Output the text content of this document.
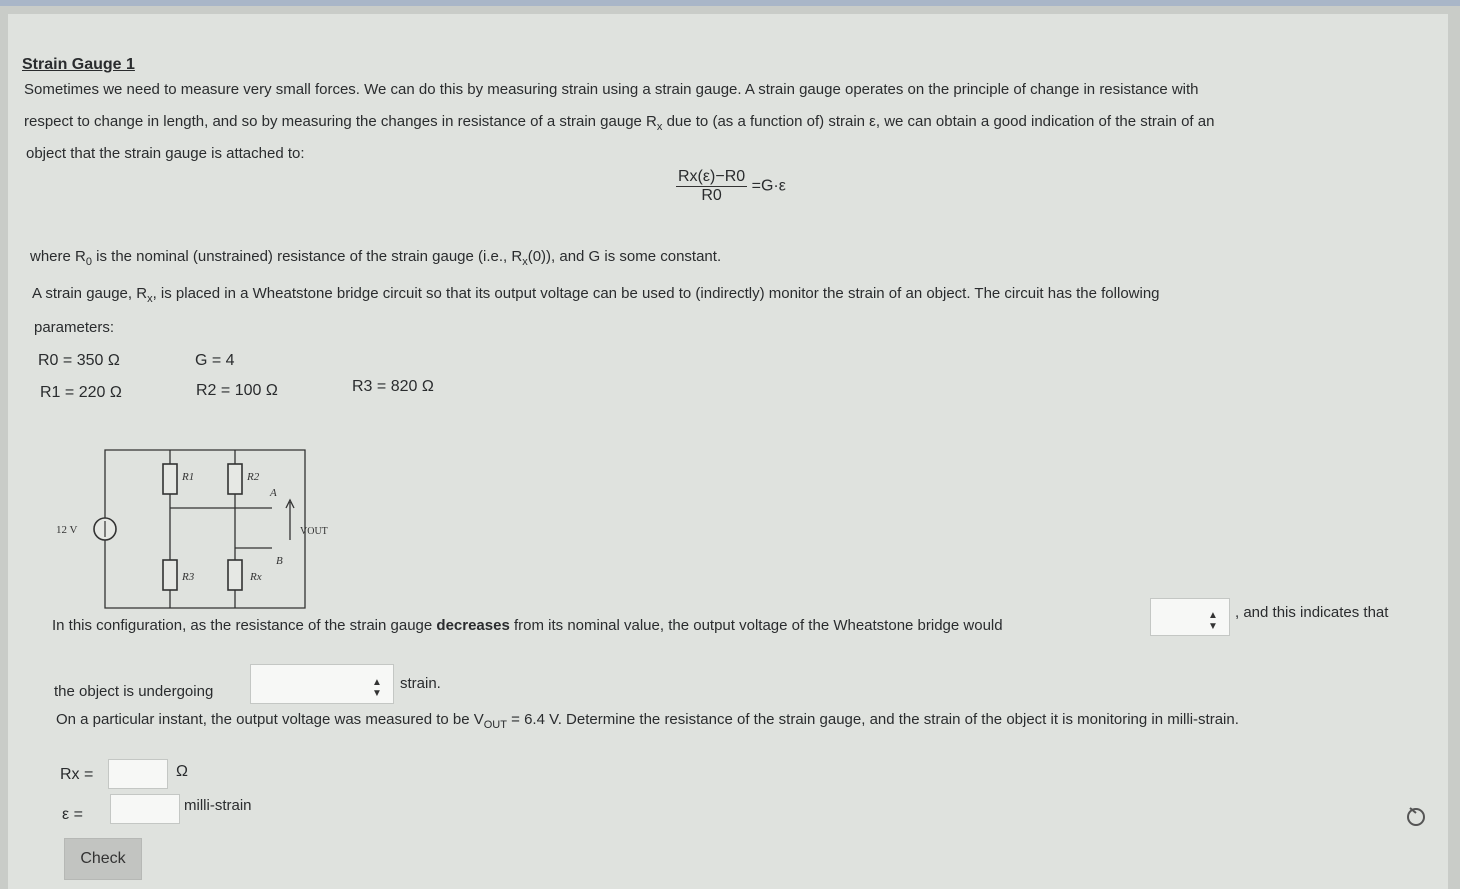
Strain Gauge 1
Sometimes we need to measure very small forces. We can do this by measuring strain using a strain gauge. A strain gauge operates on the principle of change in resistance with
respect to change in length, and so by measuring the changes in resistance of a strain gauge $R_x$ due to (as a function of) strain ε, we can obtain a good indication of the strain of an
object that the strain gauge is attached to:
$\frac{Rx(\varepsilon)-R0}{R0} =G\cdot\varepsilon$
where $R_0$ is the nominal (unstrained) resistance of the strain gauge (i.e., $R_x(0)$), and G is some constant.
A strain gauge, $R_x$, is placed in a Wheatstone bridge circuit so that its output voltage can be used to (indirectly) monitor the strain of an object. The circuit has the following
parameters:
R0 = 350 Ω	G = 4
R1 = 220 Ω	R2 = 100 Ω	R3 = 820 Ω
12 V
R1	R2
R3	Rx
A
B
VOUT
In this configuration, as the resistance of the strain gauge decreases from its nominal value, the output voltage of the Wheatstone bridge would
▲
▼
, and this indicates that
the object is undergoing
▲
▼
strain.
On a particular instant, the output voltage was measured to be $V_{OUT} = 6.4$ V. Determine the resistance of the strain gauge, and the strain of the object it is monitoring in milli-strain.
Rx =	Ω
ε =
milli-strain
Check
